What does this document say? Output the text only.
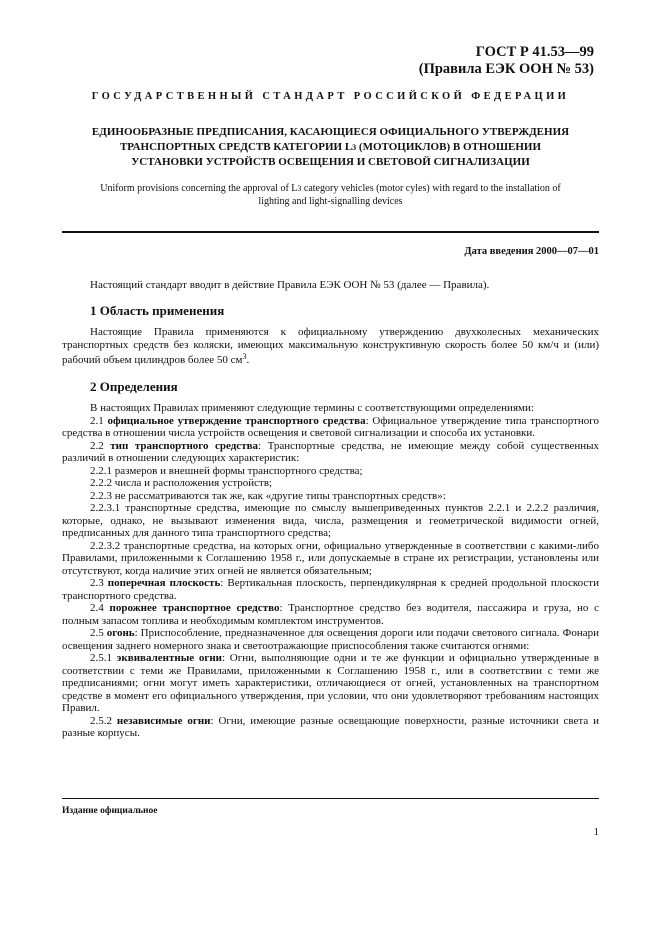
ГОСТ Р 41.53—99
(Правила ЕЭК ООН № 53)
ГОСУДАРСТВЕННЫЙ СТАНДАРТ РОССИЙСКОЙ ФЕДЕРАЦИИ
ЕДИНООБРАЗНЫЕ ПРЕДПИСАНИЯ, КАСАЮЩИЕСЯ ОФИЦИАЛЬНОГО УТВЕРЖДЕНИЯ
ТРАНСПОРТНЫХ СРЕДСТВ КАТЕГОРИИ L3 (МОТОЦИКЛОВ) В ОТНОШЕНИИ
УСТАНОВКИ УСТРОЙСТВ ОСВЕЩЕНИЯ И СВЕТОВОЙ СИГНАЛИЗАЦИИ
Uniform provisions concerning the approval of L3 category vehicles (motor cyles) with regard to the installation of
lighting and light-signalling devices
Дата введения 2000—07—01

Настоящий стандарт вводит в действие Правила ЕЭК ООН № 53 (далее — Правила).

1 Область применения

Настоящие Правила применяются к официальному утверждению двухколесных механических транспортных средств без коляски, имеющих максимальную конструктивную скорость более 50 км/ч и (или) рабочий объем цилиндров более 50 $см^3$.

2 Определения

В настоящих Правилах применяют следующие термины с соответствующими определениями:

2.1 официальное утверждение транспортного средства: Официальное утверждение типа транспортного средства в отношении числа устройств освещения и световой сигнализации и способа их установки.

2.2 тип транспортного средства: Транспортные средства, не имеющие между собой существенных различий в отношении следующих характеристик:

2.2.1 размеров и внешней формы транспортного средства;

2.2.2 числа и расположения устройств;

2.2.3 не рассматриваются так же, как «другие типы транспортных средств»:

2.2.3.1 транспортные средства, имеющие по смыслу вышеприведенных пунктов 2.2.1 и 2.2.2 различия, которые, однако, не вызывают изменения вида, числа, размещения и геометрической видимости огней, предписанных для данного типа транспортного средства;

2.2.3.2 транспортные средства, на которых огни, официально утвержденные в соответствии с какими-либо Правилами, приложенными к Соглашению 1958 г., или допускаемые в стране их регистрации, установлены или отсутствуют, когда наличие этих огней не является обязательным;

2.3 поперечная плоскость: Вертикальная плоскость, перпендикулярная к средней продольной плоскости транспортного средства.

2.4 порожнее транспортное средство: Транспортное средство без водителя, пассажира и груза, но с полным запасом топлива и необходимым комплектом инструментов.

2.5 огонь: Приспособление, предназначенное для освещения дороги или подачи светового сигнала. Фонари освещения заднего номерного знака и светоотражающие приспособления также считаются огнями:

2.5.1 эквивалентные огни: Огни, выполняющие одни и те же функции и официально утвержденные в соответствии с теми же Правилами, приложенными к Соглашению 1958 г., или в соответствии с теми же предписаниями; огни могут иметь характеристики, отличающиеся от огней, установленных на транспортном средстве в момент его официального утверждения, при условии, что они удовлетворяют требованиям настоящих Правил.

2.5.2 независимые огни: Огни, имеющие разные освещающие поверхности, разные источники света и разные корпусы.

Издание официальное
1
